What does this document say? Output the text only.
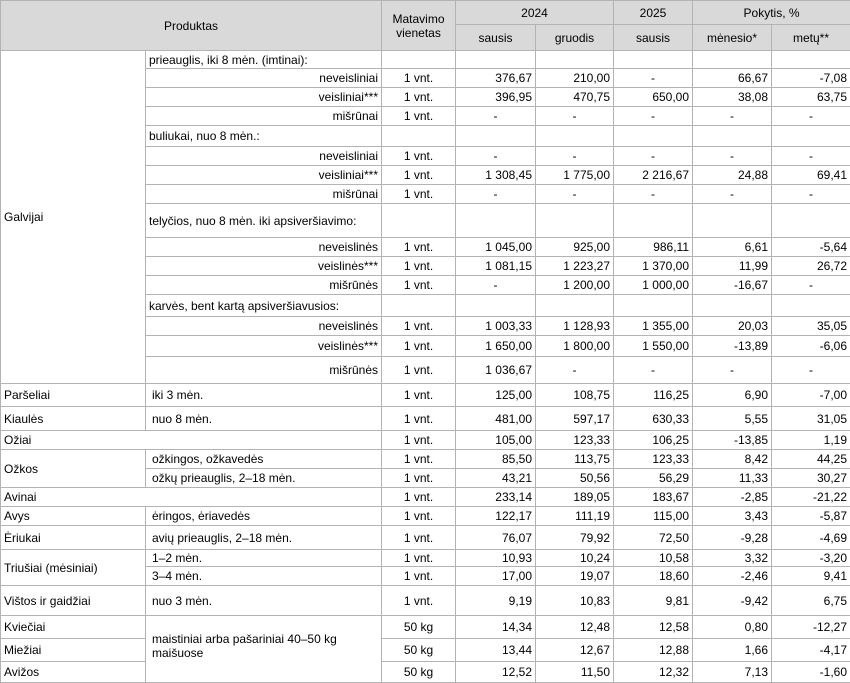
Produktas		Matavimo vienetas	2024		2025	Pokytis, %	
			sausis	gruodis	sausis	mėnesio*	metų**
Galvijai	prieauglis, iki 8 mėn. (imtinai):						
	neveisliniai	1 vnt.	376,67	210,00	-	66,67	-7,08
	veisliniai***	1 vnt.	396,95	470,75	650,00	38,08	63,75
	mišrūnai	1 vnt.	-	-	-	-	-
	buliukai, nuo 8 mėn.:						
	neveisliniai	1 vnt.	-	-	-	-	-
	veisliniai***	1 vnt.	1 308,45	1 775,00	2 216,67	24,88	69,41
	mišrūnai	1 vnt.	-	-	-	-	-
	telyčios, nuo 8 mėn. iki apsiveršiavimo:						
	neveislinės	1 vnt.	1 045,00	925,00	986,11	6,61	-5,64
	veislinės***	1 vnt.	1 081,15	1 223,27	1 370,00	11,99	26,72
	mišrūnės	1 vnt.	-	1 200,00	1 000,00	-16,67	-
	karvės, bent kartą apsiveršiavusios:						
	neveislinės	1 vnt.	1 003,33	1 128,93	1 355,00	20,03	35,05
	veislinės***	1 vnt.	1 650,00	1 800,00	1 550,00	-13,89	-6,06
	mišrūnės	1 vnt.	1 036,67	-	-	-	-
Paršeliai	iki 3 mėn.	1 vnt.	125,00	108,75	116,25	6,90	-7,00
Kiaulės	nuo 8 mėn.	1 vnt.	481,00	597,17	630,33	5,55	31,05
Ožiai		1 vnt.	105,00	123,33	106,25	-13,85	1,19
Ožkos	ožkingos, ožkavedės	1 vnt.	85,50	113,75	123,33	8,42	44,25
	ožkų prieauglis, 2–18 mėn.	1 vnt.	43,21	50,56	56,29	11,33	30,27
Avinai		1 vnt.	233,14	189,05	183,67	-2,85	-21,22
Avys	ėringos, ėriavedės	1 vnt.	122,17	111,19	115,00	3,43	-5,87
Ėriukai	avių prieauglis, 2–18 mėn.	1 vnt.	76,07	79,92	72,50	-9,28	-4,69
Triušiai (mėsiniai)	1–2 mėn.	1 vnt.	10,93	10,24	10,58	3,32	-3,20
	3–4 mėn.	1 vnt.	17,00	19,07	18,60	-2,46	9,41
Vištos ir gaidžiai	nuo 3 mėn.	1 vnt.	9,19	10,83	9,81	-9,42	6,75
Kviečiai	maistiniai arba pašariniai 40–50 kg maišuose	50 kg	14,34	12,48	12,58	0,80	-12,27
Miežiai		50 kg	13,44	12,67	12,88	1,66	-4,17
Avižos		50 kg	12,52	11,50	12,32	7,13	-1,60
